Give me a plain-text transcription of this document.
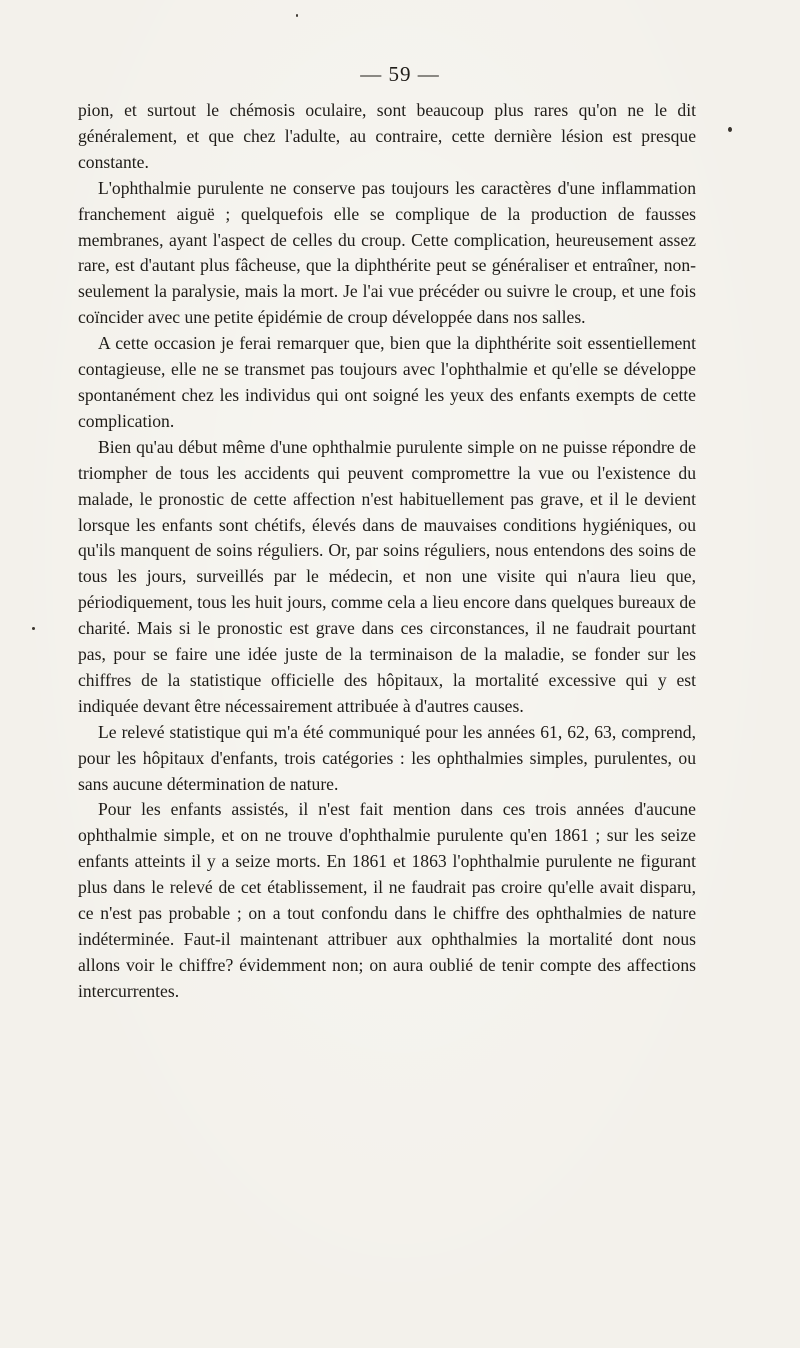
— 59 —

pion, et surtout le chémosis oculaire, sont beaucoup plus rares qu'on ne le dit généralement, et que chez l'adulte, au contraire, cette dernière lésion est presque constante.

L'ophthalmie purulente ne conserve pas toujours les caractères d'une inflammation franchement aiguë ; quelquefois elle se complique de la production de fausses membranes, ayant l'aspect de celles du croup. Cette complication, heureusement assez rare, est d'autant plus fâcheuse, que la diphthérite peut se généraliser et entraîner, non-seulement la paralysie, mais la mort. Je l'ai vue précéder ou suivre le croup, et une fois coïncider avec une petite épidémie de croup développée dans nos salles.

A cette occasion je ferai remarquer que, bien que la diphthérite soit essentiellement contagieuse, elle ne se transmet pas toujours avec l'ophthalmie et qu'elle se développe spontanément chez les individus qui ont soigné les yeux des enfants exempts de cette complication.

Bien qu'au début même d'une ophthalmie purulente simple on ne puisse répondre de triompher de tous les accidents qui peuvent compromettre la vue ou l'existence du malade, le pronostic de cette affection n'est habituellement pas grave, et il le devient lorsque les enfants sont chétifs, élevés dans de mauvaises conditions hygiéniques, ou qu'ils manquent de soins réguliers. Or, par soins réguliers, nous entendons des soins de tous les jours, surveillés par le médecin, et non une visite qui n'aura lieu que, périodiquement, tous les huit jours, comme cela a lieu encore dans quelques bureaux de charité. Mais si le pronostic est grave dans ces circonstances, il ne faudrait pourtant pas, pour se faire une idée juste de la terminaison de la maladie, se fonder sur les chiffres de la statistique officielle des hôpitaux, la mortalité excessive qui y est indiquée devant être nécessairement attribuée à d'autres causes.

Le relevé statistique qui m'a été communiqué pour les années 61, 62, 63, comprend, pour les hôpitaux d'enfants, trois catégories : les ophthalmies simples, purulentes, ou sans aucune détermination de nature.

Pour les enfants assistés, il n'est fait mention dans ces trois années d'aucune ophthalmie simple, et on ne trouve d'ophthalmie purulente qu'en 1861 ; sur les seize enfants atteints il y a seize morts. En 1861 et 1863 l'ophthalmie purulente ne figurant plus dans le relevé de cet établissement, il ne faudrait pas croire qu'elle avait disparu, ce n'est pas probable ; on a tout confondu dans le chiffre des ophthalmies de nature indéterminée. Faut-il maintenant attribuer aux ophthalmies la mortalité dont nous allons voir le chiffre? évidemment non; on aura oublié de tenir compte des affections intercurrentes.
